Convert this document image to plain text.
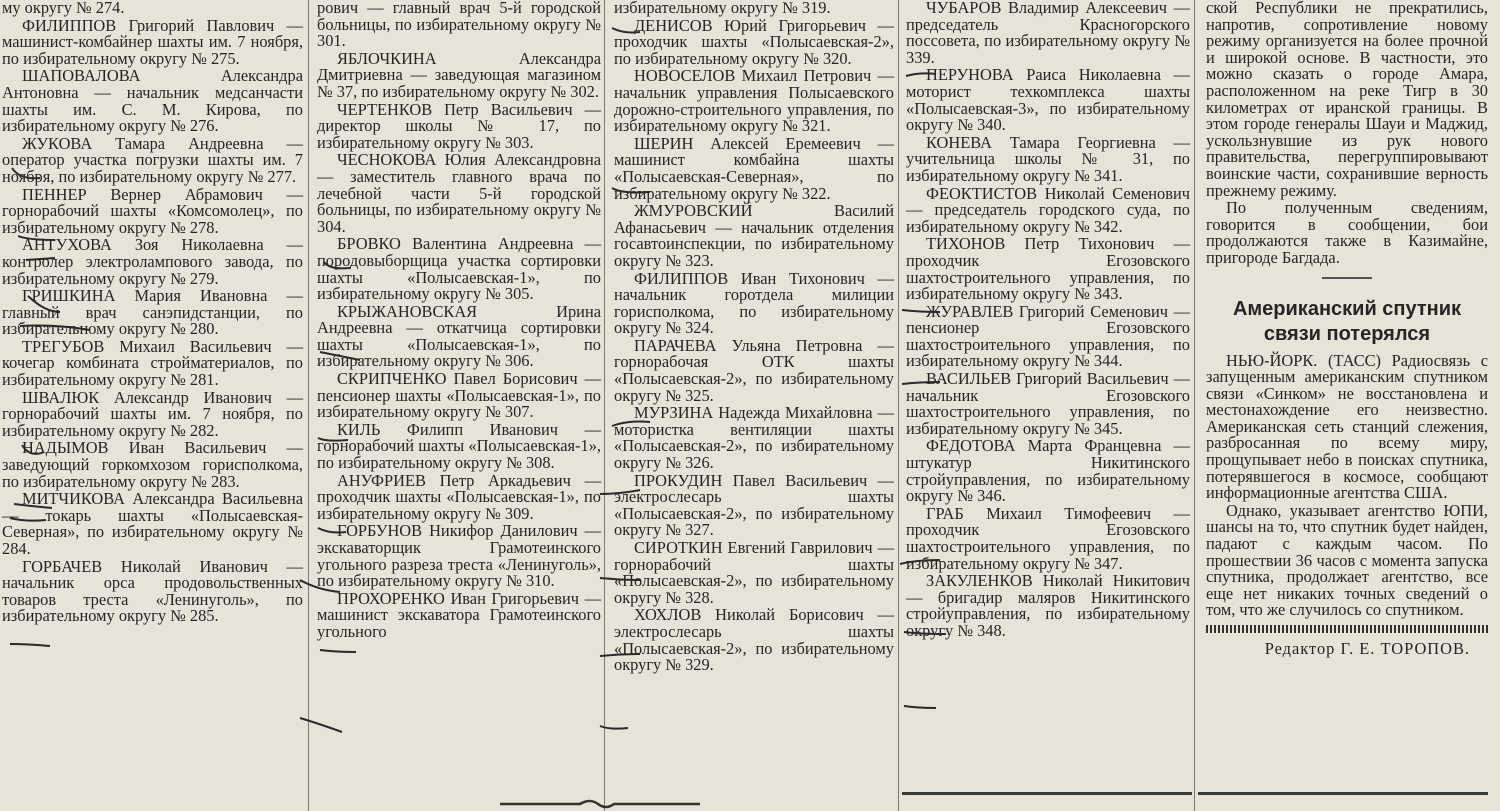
му округу № 274.

ФИЛИППОВ Григорий Павлович — машинист-комбайнер шахты им. 7 ноября, по избирательному округу № 275.

ШАПОВАЛОВА Александра Антоновна — начальник медсанчасти шахты им. С. М. Кирова, по избирательному округу № 276.

ЖУКОВА Тамара Андреевна — оператор участка погрузки шахты им. 7 ноября, по избирательному округу № 277.

ПЕННЕР Вернер Абрамович — горнорабочий шахты «Комсомолец», по избирательному округу № 278.

АНТУХОВА Зоя Николаевна — контролер электролампового завода, по избирательному округу № 279.

ГРИШКИНА Мария Ивановна — главный врач санэпидстанции, по избирательному округу № 280.

ТРЕГУБОВ Михаил Васильевич — кочегар комбината стройматериалов, по избирательному округу № 281.

ШВАЛЮК Александр Иванович — горнорабочий шахты им. 7 ноября, по избирательному округу № 282.

НАДЫМОВ Иван Васильевич — заведующий горкомхозом горисполкома, по избирательному округу № 283.

МИТЧИКОВА Александра Васильевна — токарь шахты «Полысаевская-Северная», по избирательному округу № 284.

ГОРБАЧЕВ Николай Иванович — начальник орса продовольственных товаров треста «Ленинуголь», по избирательному округу № 285.

рович — главный врач 5-й городской больницы, по избирательному округу № 301.

ЯБЛОЧКИНА Александра Дмитриевна — заведующая магазином № 37, по избирательному округу № 302.

ЧЕРТЕНКОВ Петр Васильевич — директор школы № 17, по избирательному округу № 303.

ЧЕСНОКОВА Юлия Александровна — заместитель главного врача по лечебной части 5-й городской больницы, по избирательному округу № 304.

БРОВКО Валентина Андреевна — породовыборщица участка сортировки шахты «Полысаевская-1», по избирательному округу № 305.

КРЫЖАНОВСКАЯ Ирина Андреевна — откатчица сортировки шахты «Полысаевская-1», по избирательному округу № 306.

СКРИПЧЕНКО Павел Борисович — пенсионер шахты «Полысаевская-1», по избирательному округу № 307.

КИЛЬ Филипп Иванович — горнорабочий шахты «Полысаевская-1», по избирательному округу № 308.

АНУФРИЕВ Петр Аркадьевич — проходчик шахты «Полысаевская-1», по избирательному округу № 309.

ГОРБУНОВ Никифор Данилович — экскаваторщик Грамотеинского угольного разреза треста «Ленинуголь», по избирательному округу № 310.

ПРОХОРЕНКО Иван Григорьевич — машинист экскаватора Грамотеинского угольного

избирательному округу № 319.

ДЕНИСОВ Юрий Григорьевич — проходчик шахты «Полысаевская-2», по избирательному округу № 320.

НОВОСЕЛОВ Михаил Петрович — начальник управления Полысаевского дорожно-строительного управления, по избирательному округу № 321.

ШЕРИН Алексей Еремеевич — машинист комбайна шахты «Полысаевская-Северная», по избирательному округу № 322.

ЖМУРОВСКИЙ Василий Афанасьевич — начальник отделения госавтоинспекции, по избирательному округу № 323.

ФИЛИППОВ Иван Тихонович — начальник горотдела милиции горисполкома, по избирательному округу № 324.

ПАРАЧЕВА Ульяна Петровна — горнорабочая ОТК шахты «Полысаевская-2», по избирательному округу № 325.

МУРЗИНА Надежда Михайловна — мотористка вентиляции шахты «Полысаевская-2», по избирательному округу № 326.

ПРОКУДИН Павел Васильевич — электрослесарь шахты «Полысаевская-2», по избирательному округу № 327.

СИРОТКИН Евгений Гаврилович — горнорабочий шахты «Полысаевская-2», по избирательному округу № 328.

ХОХЛОВ Николай Борисович — электрослесарь шахты «Полысаевская-2», по избирательному округу № 329.

ЧУБАРОВ Владимир Алексеевич — председатель Красногорского поссовета, по избирательному округу № 339.

ПЕРУНОВА Раиса Николаевна — моторист техкомплекса шахты «Полысаевская-3», по избирательному округу № 340.

КОНЕВА Тамара Георгиевна — учительница школы № 31, по избирательному округу № 341.

ФЕОКТИСТОВ Николай Семенович — председатель городского суда, по избирательному округу № 342.

ТИХОНОВ Петр Тихонович — проходчик Егозовского шахтостроительного управления, по избирательному округу № 343.

ЖУРАВЛЕВ Григорий Семенович — пенсионер Егозовского шахтостроительного управления, по избирательному округу № 344.

ВАСИЛЬЕВ Григорий Васильевич — начальник Егозовского шахтостроительного управления, по избирательному округу № 345.

ФЕДОТОВА Марта Францевна — штукатур Никитинского стройуправления, по избирательному округу № 346.

ГРАБ Михаил Тимофеевич — проходчик Егозовского шахтостроительного управления, по избирательному округу № 347.

ЗАКУЛЕНКОВ Николай Никитович — бригадир маляров Никитинского стройуправления, по избирательному округу № 348.

ской Республики не прекратились, напротив, сопротивление новому режиму организуется на более прочной и широкой основе. В частности, это можно сказать о городе Амара, расположенном на реке Тигр в 30 километрах от иранской границы. В этом городе генералы Шауи и Маджид, ускользнувшие из рук нового правительства, перегруппировывают воинские части, сохранившие верность прежнему режиму.

По полученным сведениям, говорится в сообщении, бои продолжаются также в Казимайне, пригороде Багдада.

Американский спутник
связи потерялся

НЬЮ-ЙОРК. (ТАСС) Радиосвязь с запущенным американским спутником связи «Синком» не восстановлена и местонахождение его неизвестно. Американская сеть станций слежения, разбросанная по всему миру, прощупывает небо в поисках спутника, потерявшегося в космосе, сообщают информационные агентства США.

Однако, указывает агентство ЮПИ, шансы на то, что спутник будет найден, падают с каждым часом. По прошествии 36 часов с момента запуска спутника, продолжает агентство, все еще нет никаких точных сведений о том, что же случилось со спутником.

Редактор Г. Е. ТОРОПОВ.
